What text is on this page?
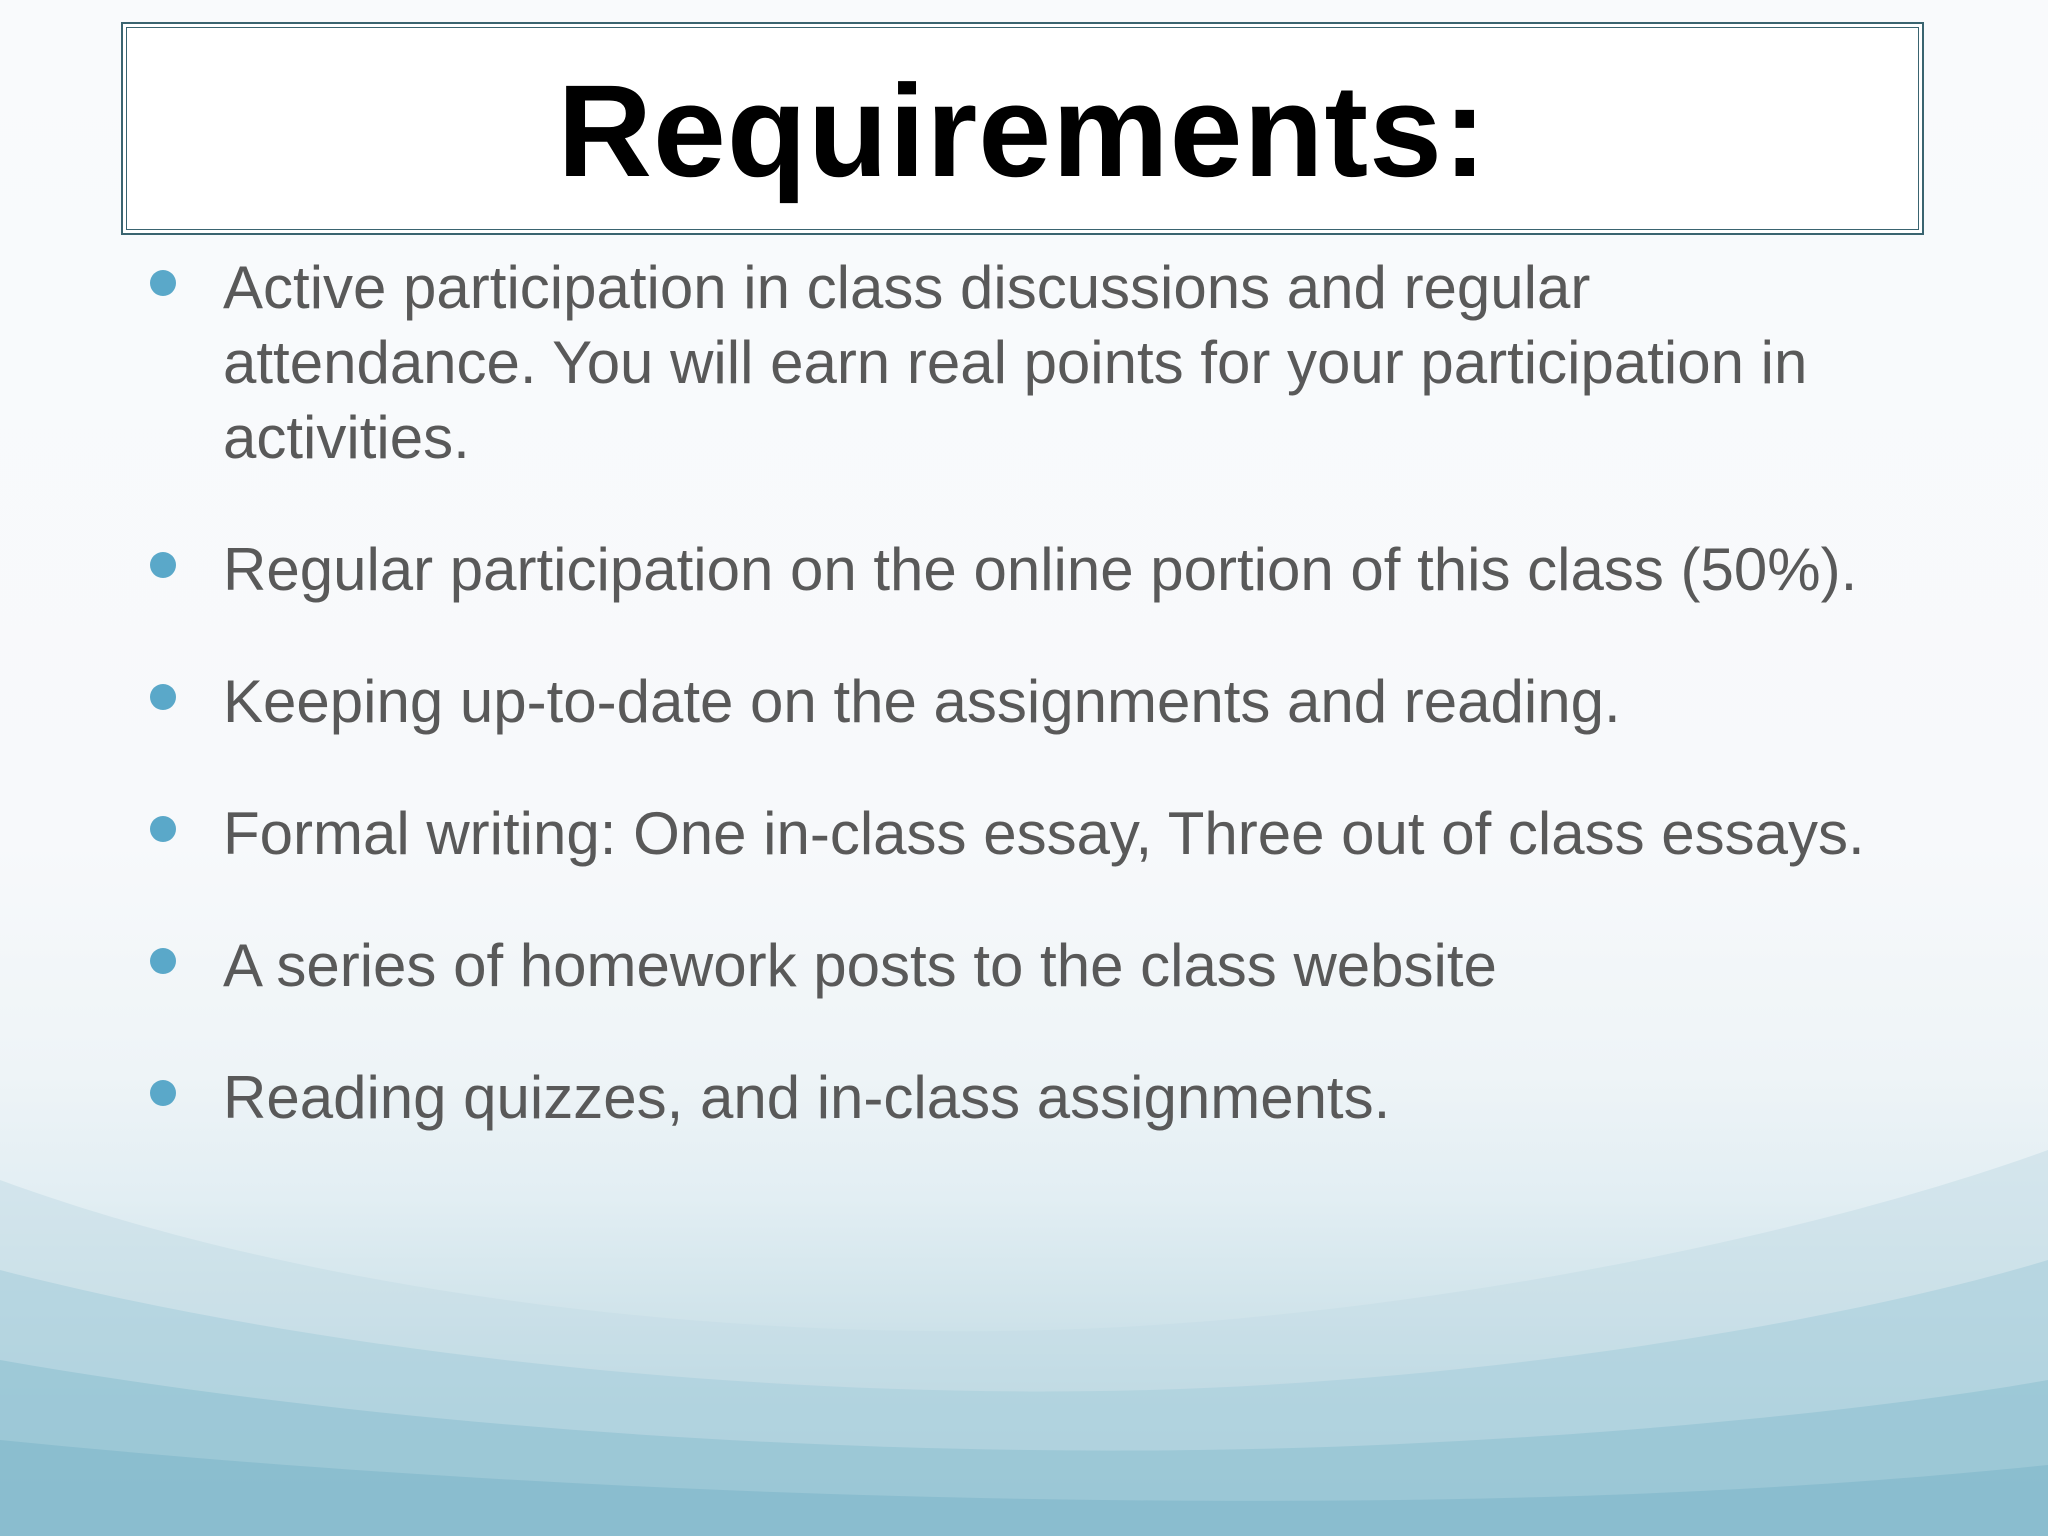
Requirements:
Active participation in class discussions and regular attendance. You will earn real points for your participation in activities.
Regular participation on the online portion of this class (50%).
Keeping up-to-date on the assignments and reading.
Formal writing: One in-class essay, Three out of class essays.
A series of homework posts to the class website
Reading quizzes, and in-class assignments.
